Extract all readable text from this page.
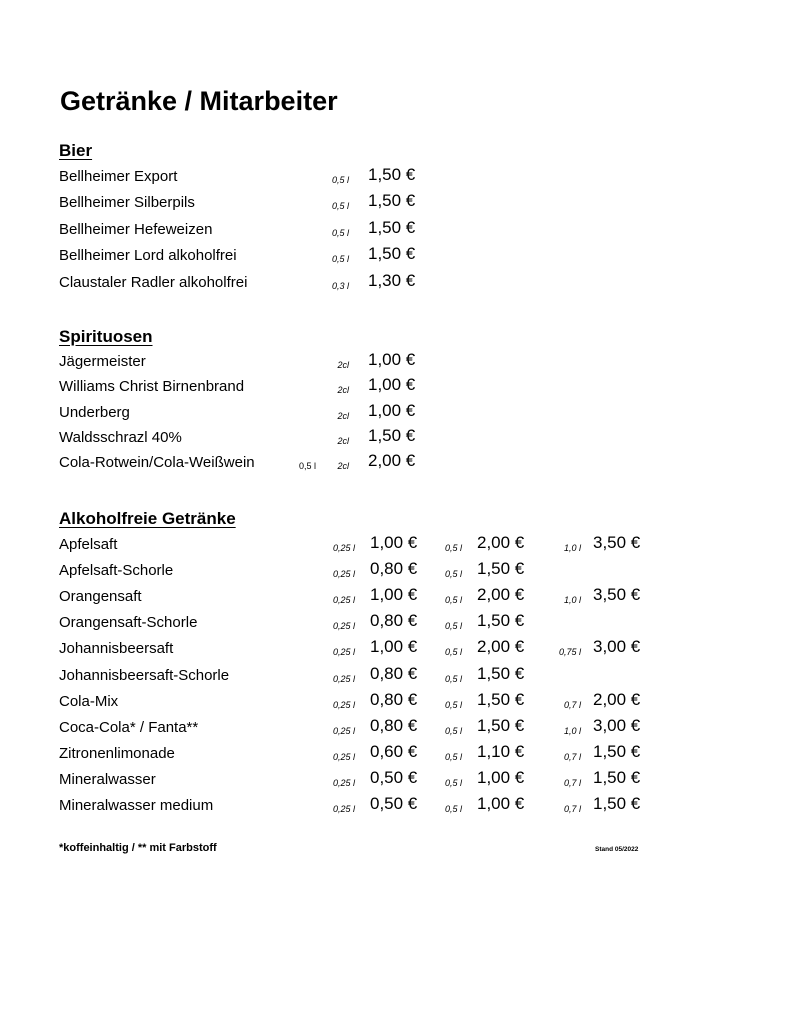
Getränke / Mitarbeiter
Bier
Bellheimer Export	0,5 l 1,50 €
Bellheimer Silberpils	0,5 l 1,50 €
Bellheimer Hefeweizen	0,5 l 1,50 €
Bellheimer Lord alkoholfrei	0,5 l 1,50 €
Claustaler Radler alkoholfrei	0,3 l 1,30 €
Spirituosen
Jägermeister	2cl 1,00 €
Williams Christ Birnenbrand	2cl 1,00 €
Underberg	2cl 1,00 €
Waldsschrazl 40%	2cl 1,50 €
Cola-Rotwein/Cola-Weißwein	0,5 l 2cl 2,00 €
Alkoholfreie Getränke
Apfelsaft	0,25 l 1,00 €	0,5 l 2,00 €	1,0 l 3,50 €
Apfelsaft-Schorle	0,25 l 0,80 €	0,5 l 1,50 €
Orangensaft	0,25 l 1,00 €	0,5 l 2,00 €	1,0 l 3,50 €
Orangensaft-Schorle	0,25 l 0,80 €	0,5 l 1,50 €
Johannisbeersaft	0,25 l 1,00 €	0,5 l 2,00 €	0,75 l 3,00 €
Johannisbeersaft-Schorle	0,25 l 0,80 €	0,5 l 1,50 €
Cola-Mix	0,25 l 0,80 €	0,5 l 1,50 €	0,7 l 2,00 €
Coca-Cola* / Fanta**	0,25 l 0,80 €	0,5 l 1,50 €	1,0 l 3,00 €
Zitronenlimonade	0,25 l 0,60 €	0,5 l 1,10 €	0,7 l 1,50 €
Mineralwasser	0,25 l 0,50 €	0,5 l 1,00 €	0,7 l 1,50 €
Mineralwasser medium	0,25 l 0,50 €	0,5 l 1,00 €	0,7 l 1,50 €
*koffeinhaltig / ** mit Farbstoff	Stand 05/2022
